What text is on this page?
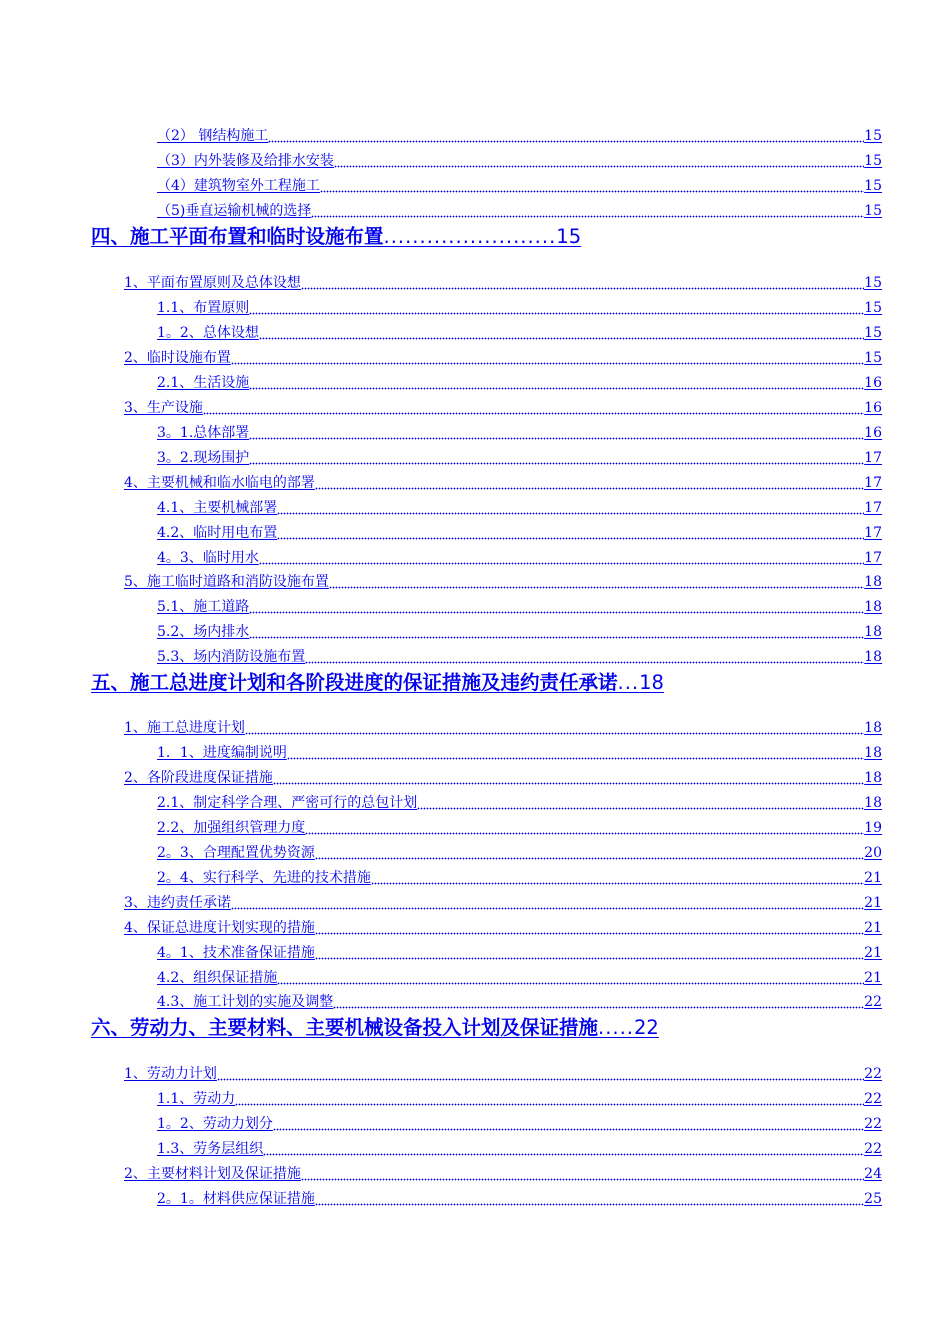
（2） 钢结构施工	15
（3）内外装修及给排水安装	15
（4）建筑物室外工程施工	15
（5)垂直运输机械的选择	15
四、施工平面布置和临时设施布置........................15
1、平面布置原则及总体设想	15
1.1、布置原则	15
1。2、总体设想	15
2、临时设施布置	15
2.1、生活设施	16
3、生产设施	16
3。1.总体部署	16
3。2.现场围护	17
4、主要机械和临水临电的部署	17
4.1、主要机械部署	17
4.2、临时用电布置	17
4。3、临时用水	17
5、施工临时道路和消防设施布置	18
5.1、施工道路	18
5.2、场内排水	18
5.3、场内消防设施布置	18
五、施工总进度计划和各阶段进度的保证措施及违约责任承诺...18
1、施工总进度计划	18
1．1、进度编制说明	18
2、各阶段进度保证措施	18
2.1、制定科学合理、严密可行的总包计划	18
2.2、加强组织管理力度	19
2。3、合理配置优势资源	20
2。4、实行科学、先进的技术措施	21
3、违约责任承诺	21
4、保证总进度计划实现的措施	21
4。1、技术准备保证措施	21
4.2、组织保证措施	21
4.3、施工计划的实施及调整	22
六、劳动力、主要材料、主要机械设备投入计划及保证措施.....22
1、劳动力计划	22
1.1、劳动力	22
1。2、劳动力划分	22
1.3、劳务层组织	22
2、主要材料计划及保证措施	24
2。1。材料供应保证措施	25
